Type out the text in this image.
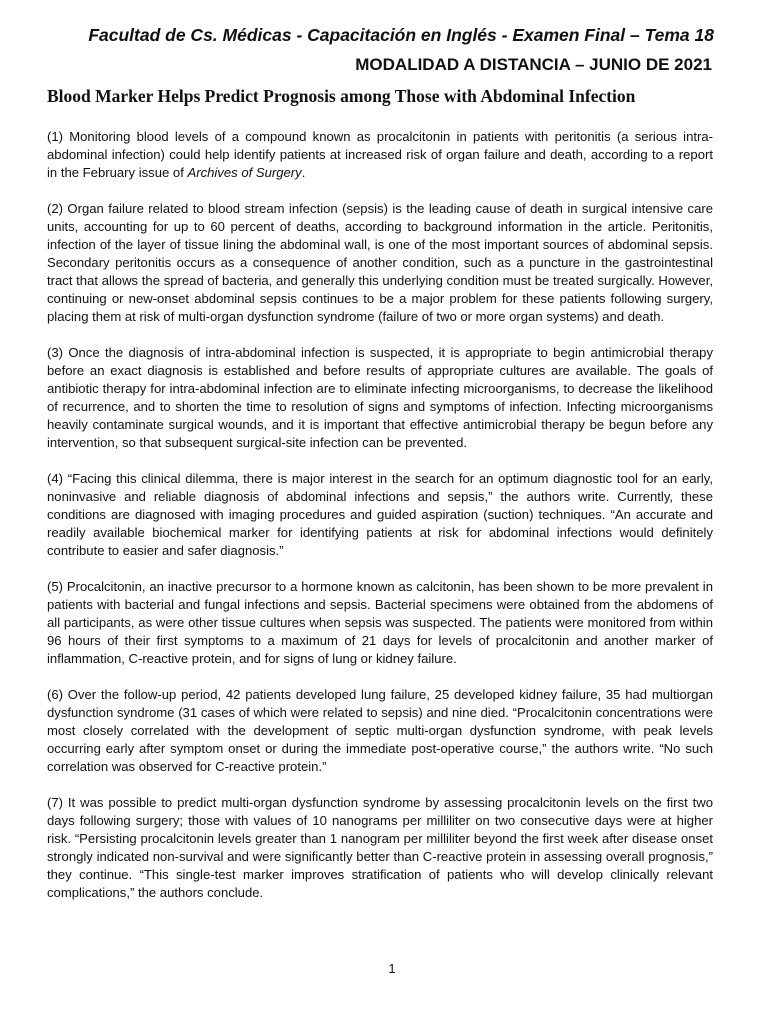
Facultad de Cs. Médicas - Capacitación en Inglés - Examen Final – Tema 18
MODALIDAD A DISTANCIA – JUNIO DE 2021
Blood Marker Helps Predict Prognosis among Those with Abdominal Infection

(1) Monitoring blood levels of a compound known as procalcitonin in patients with peritonitis (a serious intra-abdominal infection) could help identify patients at increased risk of organ failure and death, according to a report in the February issue of Archives of Surgery.

(2) Organ failure related to blood stream infection (sepsis) is the leading cause of death in surgical intensive care units, accounting for up to 60 percent of deaths, according to background information in the article. Peritonitis, infection of the layer of tissue lining the abdominal wall, is one of the most important sources of abdominal sepsis. Secondary peritonitis occurs as a consequence of another condition, such as a puncture in the gastrointestinal tract that allows the spread of bacteria, and generally this underlying condition must be treated surgically. However, continuing or new-onset abdominal sepsis continues to be a major problem for these patients following surgery, placing them at risk of multi-organ dysfunction syndrome (failure of two or more organ systems) and death.

(3) Once the diagnosis of intra-abdominal infection is suspected, it is appropriate to begin antimicrobial therapy before an exact diagnosis is established and before results of appropriate cultures are available. The goals of antibiotic therapy for intra-abdominal infection are to eliminate infecting microorganisms, to decrease the likelihood of recurrence, and to shorten the time to resolution of signs and symptoms of infection. Infecting microorganisms heavily contaminate surgical wounds, and it is important that effective antimicrobial therapy be begun before any intervention, so that subsequent surgical-site infection can be prevented.

(4) “Facing this clinical dilemma, there is major interest in the search for an optimum diagnostic tool for an early, noninvasive and reliable diagnosis of abdominal infections and sepsis,” the authors write. Currently, these conditions are diagnosed with imaging procedures and guided aspiration (suction) techniques. “An accurate and readily available biochemical marker for identifying patients at risk for abdominal infections would definitely contribute to easier and safer diagnosis.”

(5) Procalcitonin, an inactive precursor to a hormone known as calcitonin, has been shown to be more prevalent in patients with bacterial and fungal infections and sepsis. Bacterial specimens were obtained from the abdomens of all participants, as were other tissue cultures when sepsis was suspected. The patients were monitored from within 96 hours of their first symptoms to a maximum of 21 days for levels of procalcitonin and another marker of inflammation, C-reactive protein, and for signs of lung or kidney failure.

(6) Over the follow-up period, 42 patients developed lung failure, 25 developed kidney failure, 35 had multiorgan dysfunction syndrome (31 cases of which were related to sepsis) and nine died. “Procalcitonin concentrations were most closely correlated with the development of septic multi-organ dysfunction syndrome, with peak levels occurring early after symptom onset or during the immediate post-operative course,” the authors write. “No such correlation was observed for C-reactive protein.”

(7) It was possible to predict multi-organ dysfunction syndrome by assessing procalcitonin levels on the first two days following surgery; those with values of 10 nanograms per milliliter on two consecutive days were at higher risk. “Persisting procalcitonin levels greater than 1 nanogram per milliliter beyond the first week after disease onset strongly indicated non-survival and were significantly better than C-reactive protein in assessing overall prognosis,” they continue. “This single-test marker improves stratification of patients who will develop clinically relevant complications,” the authors conclude.

1
